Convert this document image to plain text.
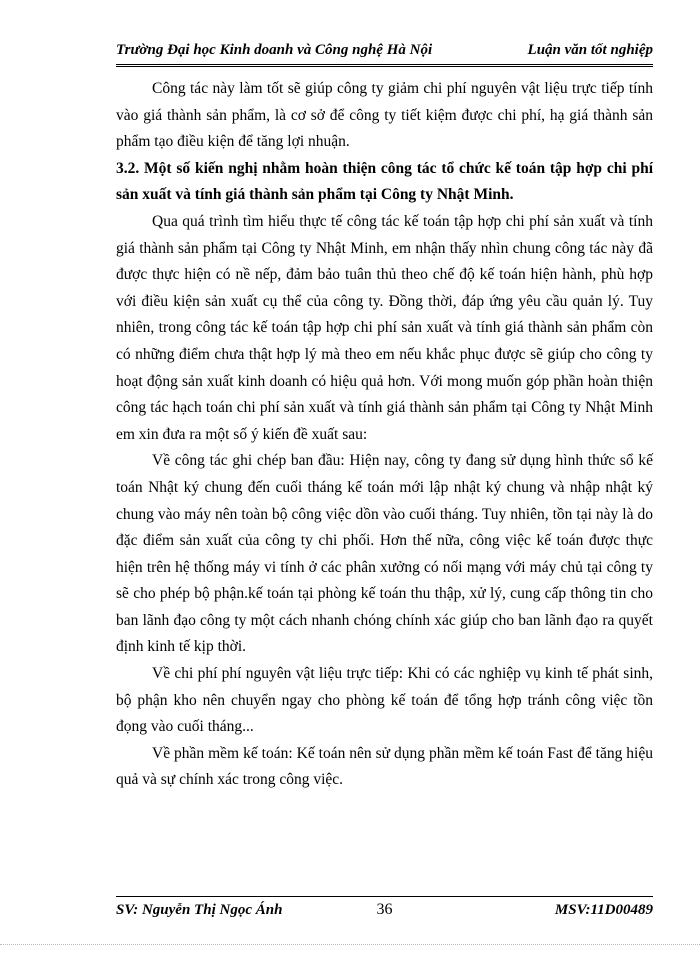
Trường Đại học Kinh doanh và Công nghệ Hà Nội	Luận văn tốt nghiệp

Công tác này làm tốt sẽ giúp công ty giảm chi phí nguyên vật liệu trực tiếp tính vào giá thành sản phẩm, là cơ sở để công ty tiết kiệm được chi phí, hạ giá thành sản phẩm tạo điều kiện để tăng lợi nhuận.

3.2. Một số kiến nghị nhằm hoàn thiện công tác tổ chức kế toán tập hợp chi phí sản xuất và tính giá thành sản phẩm tại Công ty Nhật Minh.

Qua quá trình tìm hiểu thực tế công tác kế toán tập hợp chi phí sản xuất và tính giá thành sản phẩm tại Công ty Nhật Minh, em nhận thấy nhìn chung công tác này đã được thực hiện có nề nếp, đảm bảo tuân thủ theo chế độ kế toán hiện hành, phù hợp với điều kiện sản xuất cụ thể của công ty. Đồng thời, đáp ứng yêu cầu quản lý. Tuy nhiên, trong công tác kế toán tập hợp chi phí sản xuất và tính giá thành sản phẩm còn có những điểm chưa thật hợp lý mà theo em nếu khắc phục được sẽ giúp cho công ty hoạt động sản xuất kinh doanh có hiệu quả hơn. Với mong muốn góp phần hoàn thiện công tác hạch toán chi phí sản xuất và tính giá thành sản phẩm tại Công ty Nhật Minh em xin đưa ra một số ý kiến đề xuất sau:

Về công tác ghi chép ban đầu: Hiện nay, công ty đang sử dụng hình thức sổ kế toán Nhật ký chung đến cuối tháng kế toán mới lập nhật ký chung và nhập nhật ký chung vào máy nên toàn bộ công việc dồn vào cuối tháng. Tuy nhiên, tồn tại này là do đặc điểm sản xuất của công ty chi phối. Hơn thế nữa, công việc kế toán được thực hiện trên hệ thống máy vi tính ở các phân xưởng có nối mạng với máy chủ tại công ty sẽ cho phép bộ phận.kế toán tại phòng kế toán thu thập, xử lý, cung cấp thông tin cho ban lãnh đạo công ty một cách nhanh chóng chính xác giúp cho ban lãnh đạo ra quyết định kinh tế kịp thời.

Về chi phí phí nguyên vật liệu trực tiếp: Khi có các nghiệp vụ kinh tế phát sinh, bộ phận kho nên chuyển ngay cho phòng kế toán để tổng hợp tránh công việc tồn đọng vào cuối tháng...

Về phần mềm kế toán: Kế toán nên sử dụng phần mềm kế toán Fast để tăng hiệu quả và sự chính xác trong công việc.

SV: Nguyễn Thị Ngọc Ánh	36	MSV:11D00489
